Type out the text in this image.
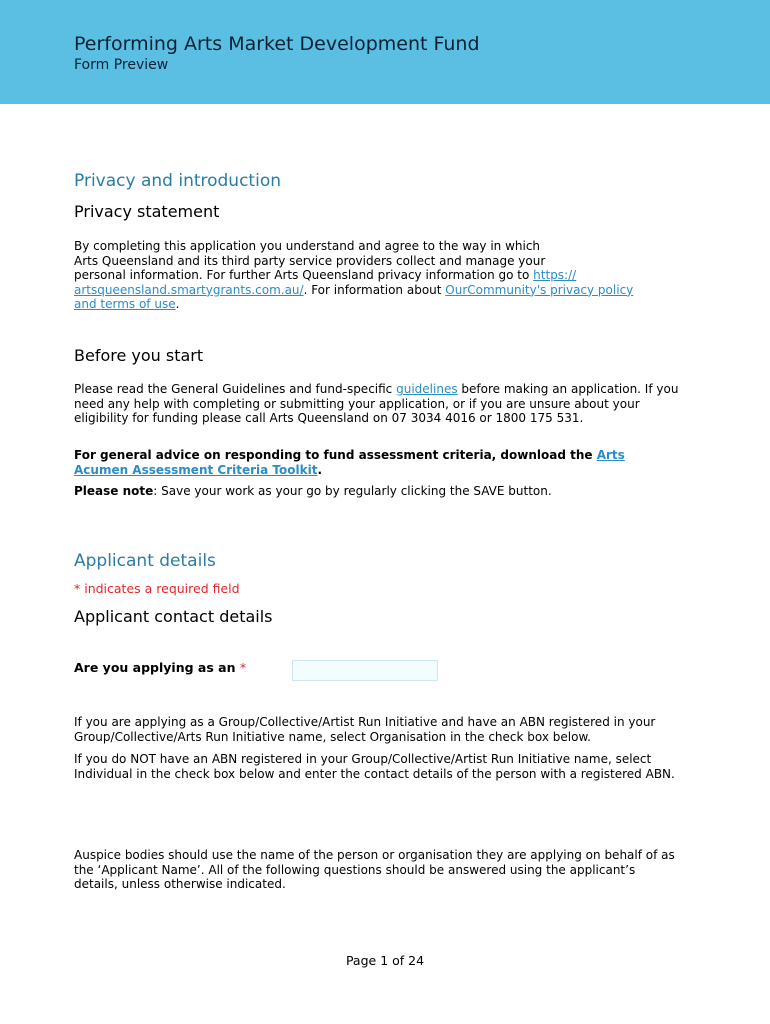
Performing Arts Market Development Fund
Form Preview
Privacy and introduction
Privacy statement
By completing this application you understand and agree to the way in which
Arts Queensland and its third party service providers collect and manage your
personal information. For further Arts Queensland privacy information go to https://
artsqueensland.smartygrants.com.au/. For information about OurCommunity's privacy policy
and terms of use.
Before you start
Please read the General Guidelines and fund-specific guidelines before making an application. If you need any help with completing or submitting your application, or if you are unsure about your eligibility for funding please call Arts Queensland on 07 3034 4016 or 1800 175 531.
For general advice on responding to fund assessment criteria, download the Arts
Acumen Assessment Criteria Toolkit.
Please note: Save your work as your go by regularly clicking the SAVE button.
Applicant details
* indicates a required field
Applicant contact details
Are you applying as an *
If you are applying as a Group/Collective/Artist Run Initiative and have an ABN registered in your Group/Collective/Arts Run Initiative name, select Organisation in the check box below.
If you do NOT have an ABN registered in your Group/Collective/Artist Run Initiative name, select Individual in the check box below and enter the contact details of the person with a registered ABN.
Auspice bodies should use the name of the person or organisation they are applying on behalf of as the ‘Applicant Name’. All of the following questions should be answered using the applicant’s details, unless otherwise indicated.
Page 1 of 24
